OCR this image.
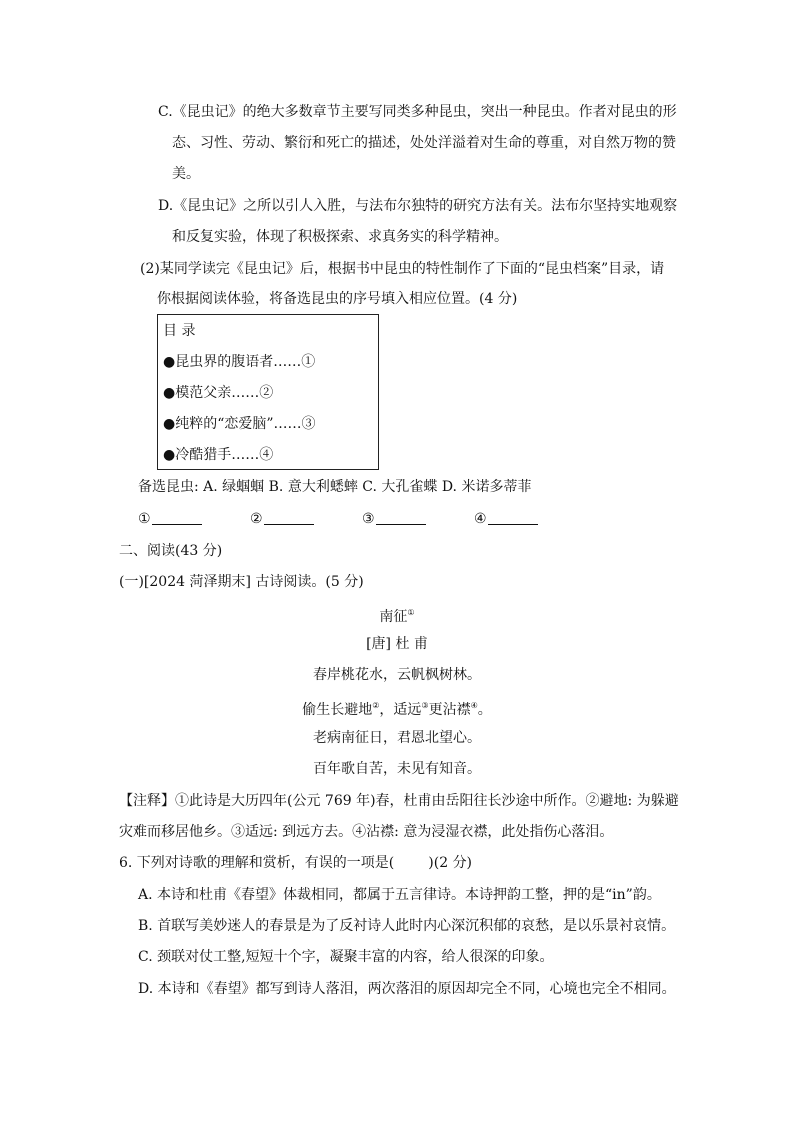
C.《昆虫记》的绝大多数章节主要写同类多种昆虫，突出一种昆虫。作者对昆虫的形
态、习性、劳动、繁衍和死亡的描述，处处洋溢着对生命的尊重，对自然万物的赞
美。
D.《昆虫记》之所以引人入胜，与法布尔独特的研究方法有关。法布尔坚持实地观察
和反复实验，体现了积极探索、求真务实的科学精神。
(2)某同学读完《昆虫记》后，根据书中昆虫的特性制作了下面的“昆虫档案”目录，请
你根据阅读体验，将备选昆虫的序号填入相应位置。(4 分)
目 录
●昆虫界的腹语者……①
●模范父亲……②
●纯粹的“恋爱脑”……③
●冷酷猎手……④
备选昆虫: A. 绿蝈蝈 B. 意大利蟋蟀 C. 大孔雀蝶 D. 米诺多蒂菲
①	②	③	④
二、阅读(43 分)
(一)[2024 菏泽期末] 古诗阅读。(5 分)
南征①
[唐] 杜 甫
春岸桃花水，云帆枫树林。
偷生长避地②，适远③更沾襟④。
老病南征日，君恩北望心。
百年歌自苦，未见有知音。
【注释】①此诗是大历四年(公元 769 年)春，杜甫由岳阳往长沙途中所作。②避地: 为躲避
灾难而移居他乡。③适远: 到远方去。④沾襟: 意为浸湿衣襟，此处指伤心落泪。
6. 下列对诗歌的理解和赏析，有误的一项是( )(2 分)
A. 本诗和杜甫《春望》体裁相同，都属于五言律诗。本诗押韵工整，押的是“in”韵。
B. 首联写美妙迷人的春景是为了反衬诗人此时内心深沉积郁的哀愁，是以乐景衬哀情。
C. 颈联对仗工整,短短十个字，凝聚丰富的内容，给人很深的印象。
D. 本诗和《春望》都写到诗人落泪，两次落泪的原因却完全不同，心境也完全不相同。
